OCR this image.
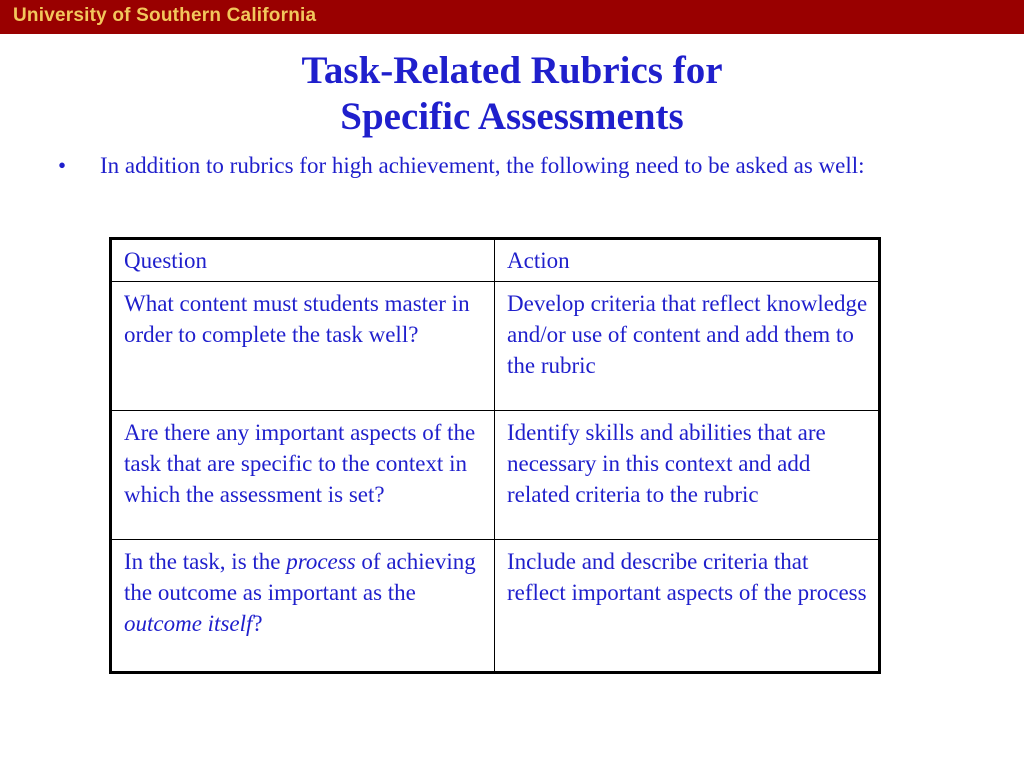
University of Southern California
Task-Related Rubrics for
Specific Assessments
• In addition to rubrics for high achievement, the following need to be asked as well:
Question	Action
What content must students master in order to complete the task well?	Develop criteria that reflect knowledge and/or use of content and add them to the rubric
Are there any important aspects of the task that are specific to the context in which the assessment is set?	Identify skills and abilities that are necessary in this context and add related criteria to the rubric
In the task, is the process of achieving the outcome as important as the outcome itself?	Include and describe criteria that reflect important aspects of the process
